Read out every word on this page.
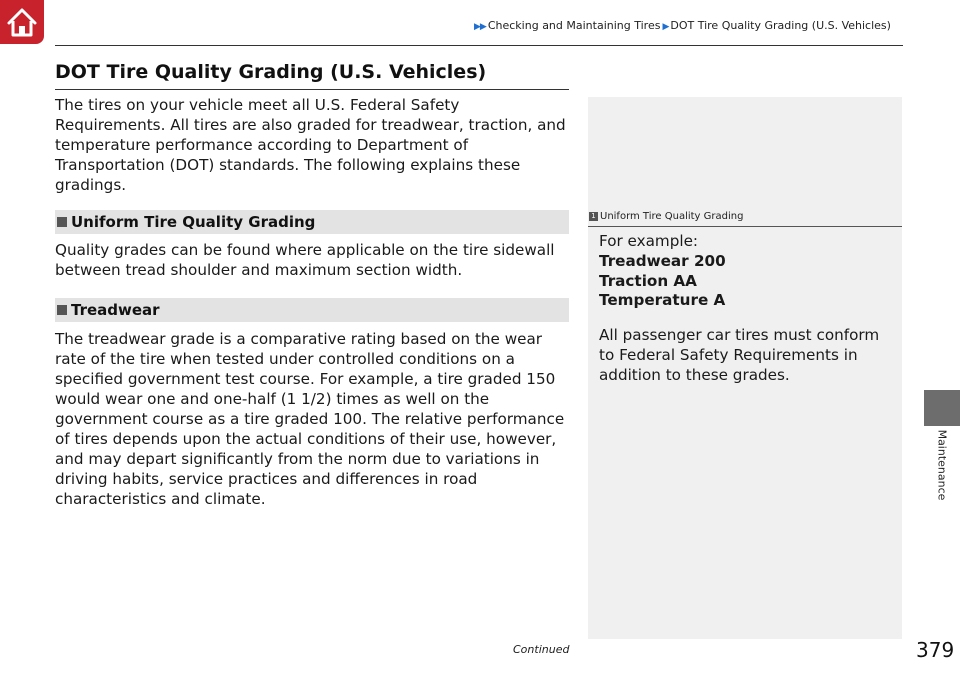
▶▶ Checking and Maintaining Tires ▶ DOT Tire Quality Grading (U.S. Vehicles)
Maintenance
DOT Tire Quality Grading (U.S. Vehicles)

The tires on your vehicle meet all U.S. Federal Safety Requirements. All tires are also graded for treadwear, traction, and temperature performance according to Department of Transportation (DOT) standards. The following explains these gradings.

Uniform Tire Quality Grading

Quality grades can be found where applicable on the tire sidewall between tread shoulder and maximum section width.

Treadwear

The treadwear grade is a comparative rating based on the wear rate of the tire when tested under controlled conditions on a specified government test course. For example, a tire graded 150 would wear one and one-half (1 1/2) times as well on the government course as a tire graded 100. The relative performance of tires depends upon the actual conditions of their use, however, and may depart significantly from the norm due to variations in driving habits, service practices and differences in road characteristics and climate.

1 Uniform Tire Quality Grading

For example:

Treadwear 200

Traction AA

Temperature A

All passenger car tires must conform to Federal Safety Requirements in addition to these grades.

Continued	379
